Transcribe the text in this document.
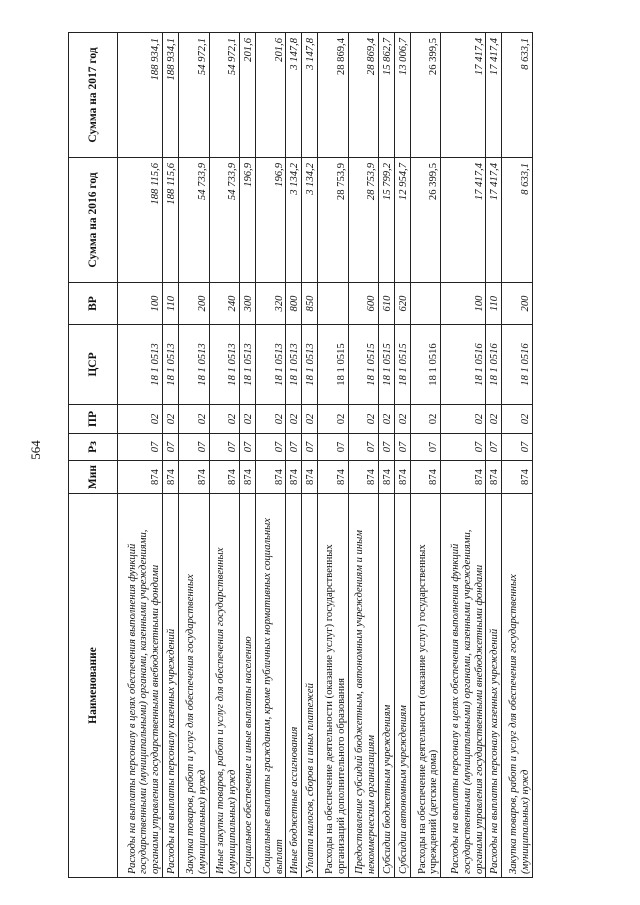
564
Наименование	Мин	Рз	ПР	ЦСР	ВР	Сумма на 2016 год	Сумма на 2017 год
Расходы на выплаты персоналу в целях обеспечения выполнения функций государственными (муниципальными) органами, казенными учреждениями, органами управления государственными внебюджетными фондами	874	07	02	18 1 0513	100	188 115,6	188 934,1
Расходы на выплаты персоналу казенных учреждений	874	07	02	18 1 0513	110	188 115,6	188 934,1
Закупка товаров, работ и услуг для обеспечения государственных (муниципальных) нужд	874	07	02	18 1 0513	200	54 733,9	54 972,1
Иные закупки товаров, работ и услуг для обеспечения государственных (муниципальных) нужд	874	07	02	18 1 0513	240	54 733,9	54 972,1
Социальное обеспечение и иные выплаты населению	874	07	02	18 1 0513	300	196,9	201,6
Социальные выплаты гражданам, кроме публичных нормативных социальных выплат	874	07	02	18 1 0513	320	196,9	201,6
Иные бюджетные ассигнования	874	07	02	18 1 0513	800	3 134,2	3 147,8
Уплата налогов, сборов и иных платежей	874	07	02	18 1 0513	850	3 134,2	3 147,8
Расходы на обеспечение деятельности (оказание услуг) государственных организаций дополнительного образования	874	07	02	18 1 0515		28 753,9	28 869,4
Предоставление субсидий бюджетным, автономным учреждениям и иным некоммерческим организациям	874	07	02	18 1 0515	600	28 753,9	28 869,4
Субсидии бюджетным учреждениям	874	07	02	18 1 0515	610	15 799,2	15 862,7
Субсидии автономным учреждениям	874	07	02	18 1 0515	620	12 954,7	13 006,7
Расходы на обеспечение деятельности (оказание услуг) государственных учреждений (детские дома)	874	07	02	18 1 0516		26 399,5	26 399,5
Расходы на выплаты персоналу в целях обеспечения выполнения функций государственными (муниципальными) органами, казенными учреждениями, органами управления государственными внебюджетными фондами	874	07	02	18 1 0516	100	17 417,4	17 417,4
Расходы на выплаты персоналу казенных учреждений	874	07	02	18 1 0516	110	17 417,4	17 417,4
Закупка товаров, работ и услуг для обеспечения государственных (муниципальных) нужд	874	07	02	18 1 0516	200	8 633,1	8 633,1
